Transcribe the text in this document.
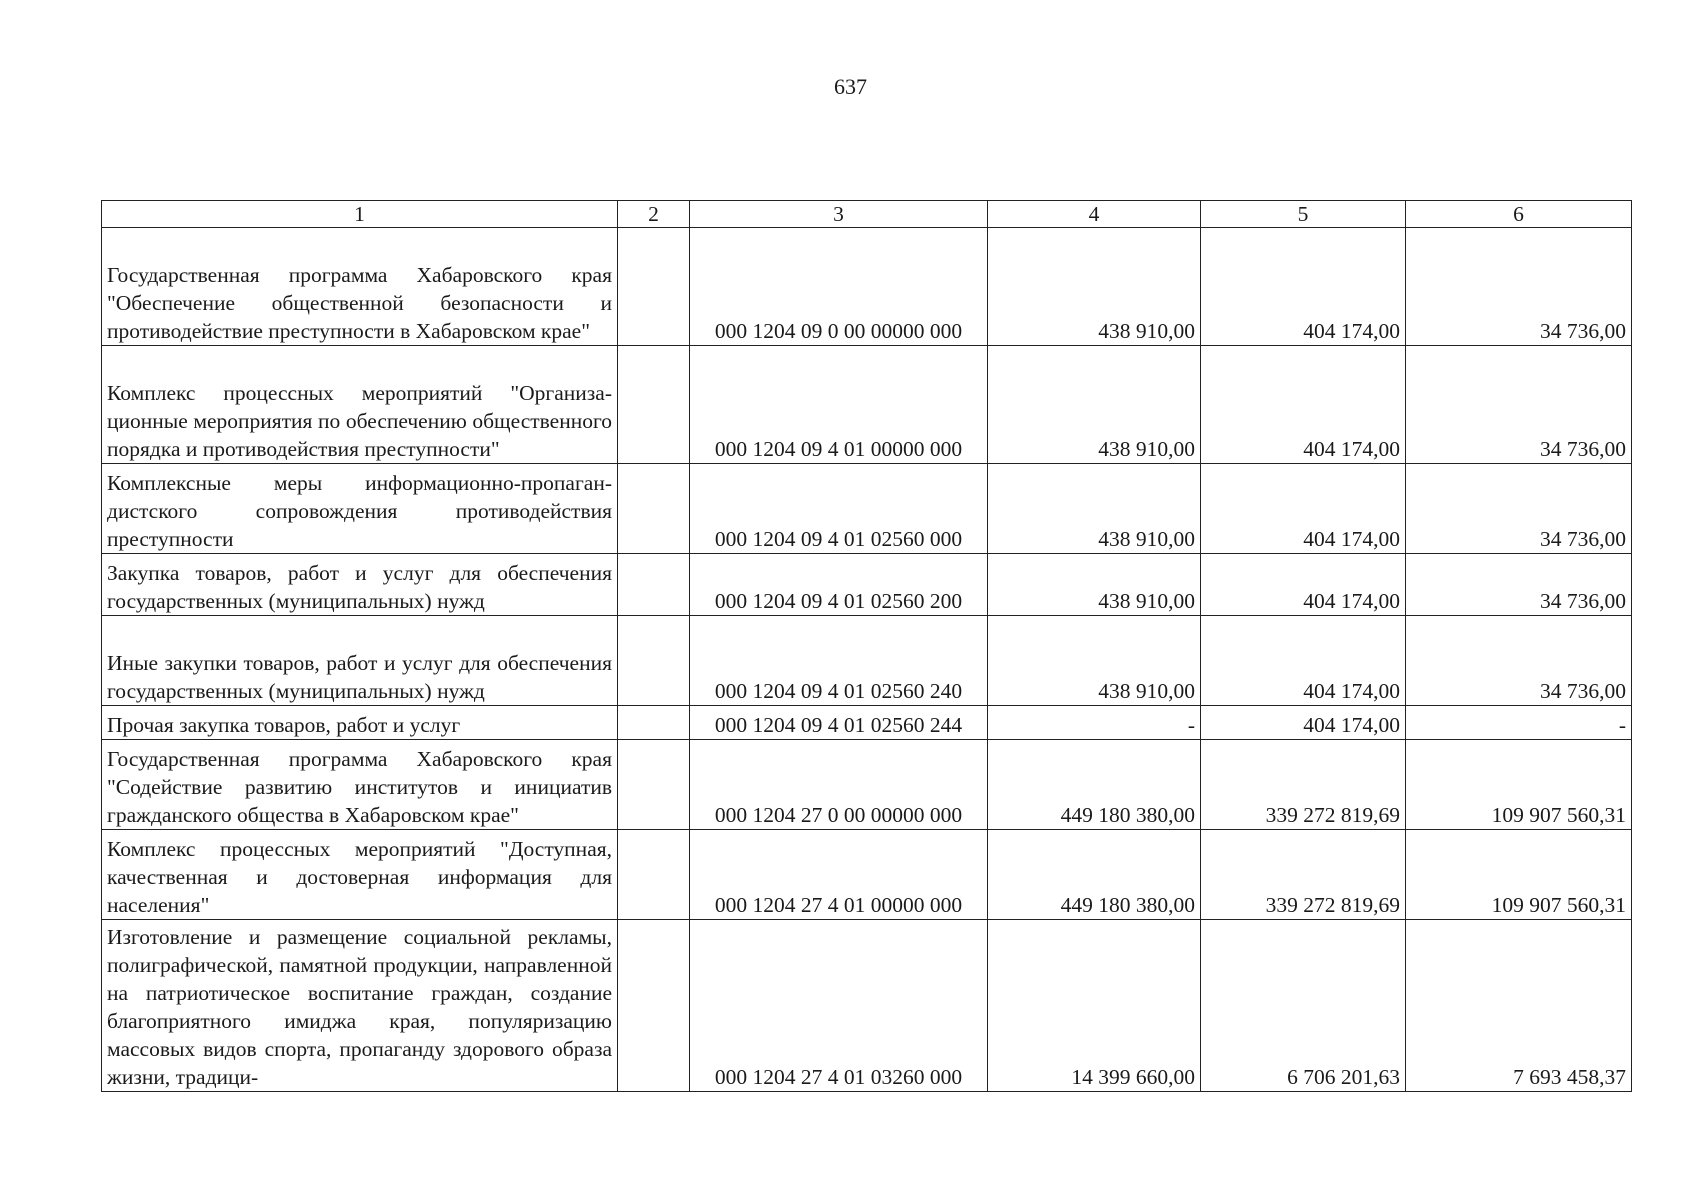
637
1	2	3	4	5	6
Государственная программа Хабаровского края "Обеспечение общественной безопасности и противодействие преступности в Хабаровском крае"		000 1204 09 0 00 00000 000	438 910,00	404 174,00	34 736,00
Комплекс процессных мероприятий "Организационные мероприятия по обеспечению общественного порядка и противодействия преступности"		000 1204 09 4 01 00000 000	438 910,00	404 174,00	34 736,00
Комплексные меры информационно-пропагандистского сопровождения противодействия преступности		000 1204 09 4 01 02560 000	438 910,00	404 174,00	34 736,00
Закупка товаров, работ и услуг для обеспечения государственных (муниципальных) нужд		000 1204 09 4 01 02560 200	438 910,00	404 174,00	34 736,00
Иные закупки товаров, работ и услуг для обеспечения государственных (муниципальных) нужд		000 1204 09 4 01 02560 240	438 910,00	404 174,00	34 736,00
Прочая закупка товаров, работ и услуг		000 1204 09 4 01 02560 244	-	404 174,00	-
Государственная программа Хабаровского края "Содействие развитию институтов и инициатив гражданского общества в Хабаровском крае"		000 1204 27 0 00 00000 000	449 180 380,00	339 272 819,69	109 907 560,31
Комплекс процессных мероприятий "Доступная, качественная и достоверная информация для населения"		000 1204 27 4 01 00000 000	449 180 380,00	339 272 819,69	109 907 560,31
Изготовление и размещение социальной рекламы, полиграфической, памятной продукции, направленной на патриотическое воспитание граждан, создание благоприятного имиджа края, популяризацию массовых видов спорта, пропаганду здорового образа жизни, традици-		000 1204 27 4 01 03260 000	14 399 660,00	6 706 201,63	7 693 458,37
